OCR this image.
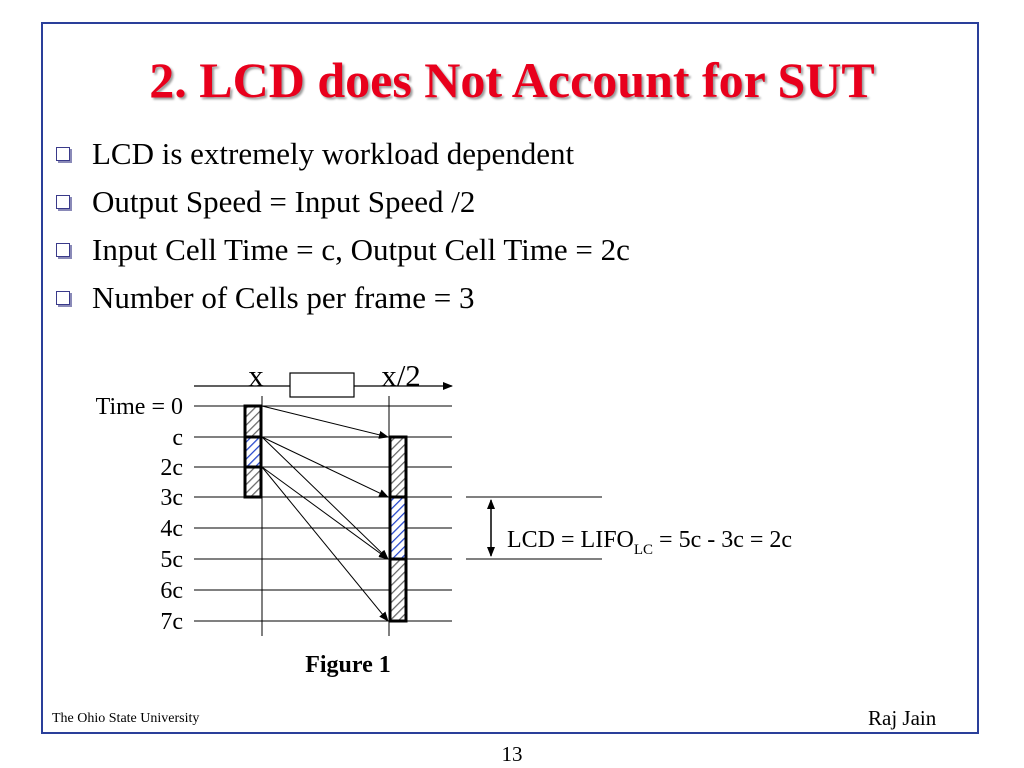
2. LCD does Not Account for SUT
LCD is extremely workload dependent
Output Speed = Input Speed /2
Input Cell Time = c, Output Cell Time = 2c
Number of Cells per frame = 3
x	x/2
Time = 0
c
2c
3c
4c
5c
6c
7c
LCD = $LIFO_{LC} = 5c - 3c = 2c$
Figure 1
The Ohio State University	Raj Jain
13
